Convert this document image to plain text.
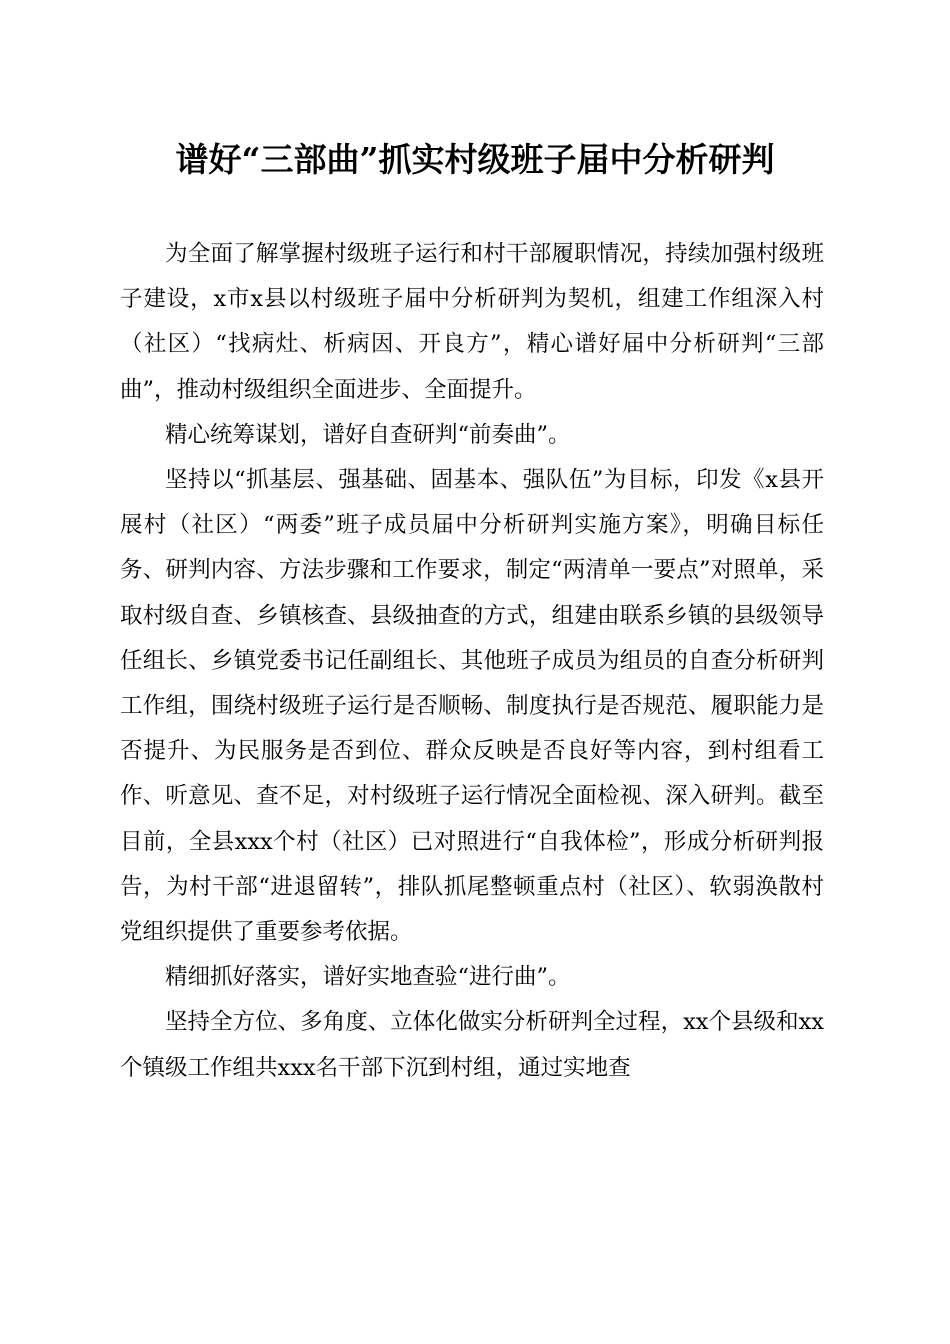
谱好“三部曲”抓实村级班子届中分析研判

为全面了解掌握村级班子运行和村干部履职情况，持续加强村级班子建设，x市x县以村级班子届中分析研判为契机，组建工作组深入村（社区）“找病灶、析病因、开良方”，精心谱好届中分析研判“三部曲”，推动村级组织全面进步、全面提升。

精心统筹谋划，谱好自查研判“前奏曲”。

坚持以“抓基层、强基础、固基本、强队伍”为目标，印发《x县开展村（社区）“两委”班子成员届中分析研判实施方案》，明确目标任务、研判内容、方法步骤和工作要求，制定“两清单一要点”对照单，采取村级自查、乡镇核查、县级抽查的方式，组建由联系乡镇的县级领导任组长、乡镇党委书记任副组长、其他班子成员为组员的自查分析研判工作组，围绕村级班子运行是否顺畅、制度执行是否规范、履职能力是否提升、为民服务是否到位、群众反映是否良好等内容，到村组看工作、听意见、查不足，对村级班子运行情况全面检视、深入研判。截至目前，全县xxx个村（社区）已对照进行“自我体检”，形成分析研判报告，为村干部“进退留转”，排队抓尾整顿重点村（社区）、软弱涣散村党组织提供了重要参考依据。

精细抓好落实，谱好实地查验“进行曲”。

坚持全方位、多角度、立体化做实分析研判全过程，xx个县级和xx个镇级工作组共xxx名干部下沉到村组，通过实地查
